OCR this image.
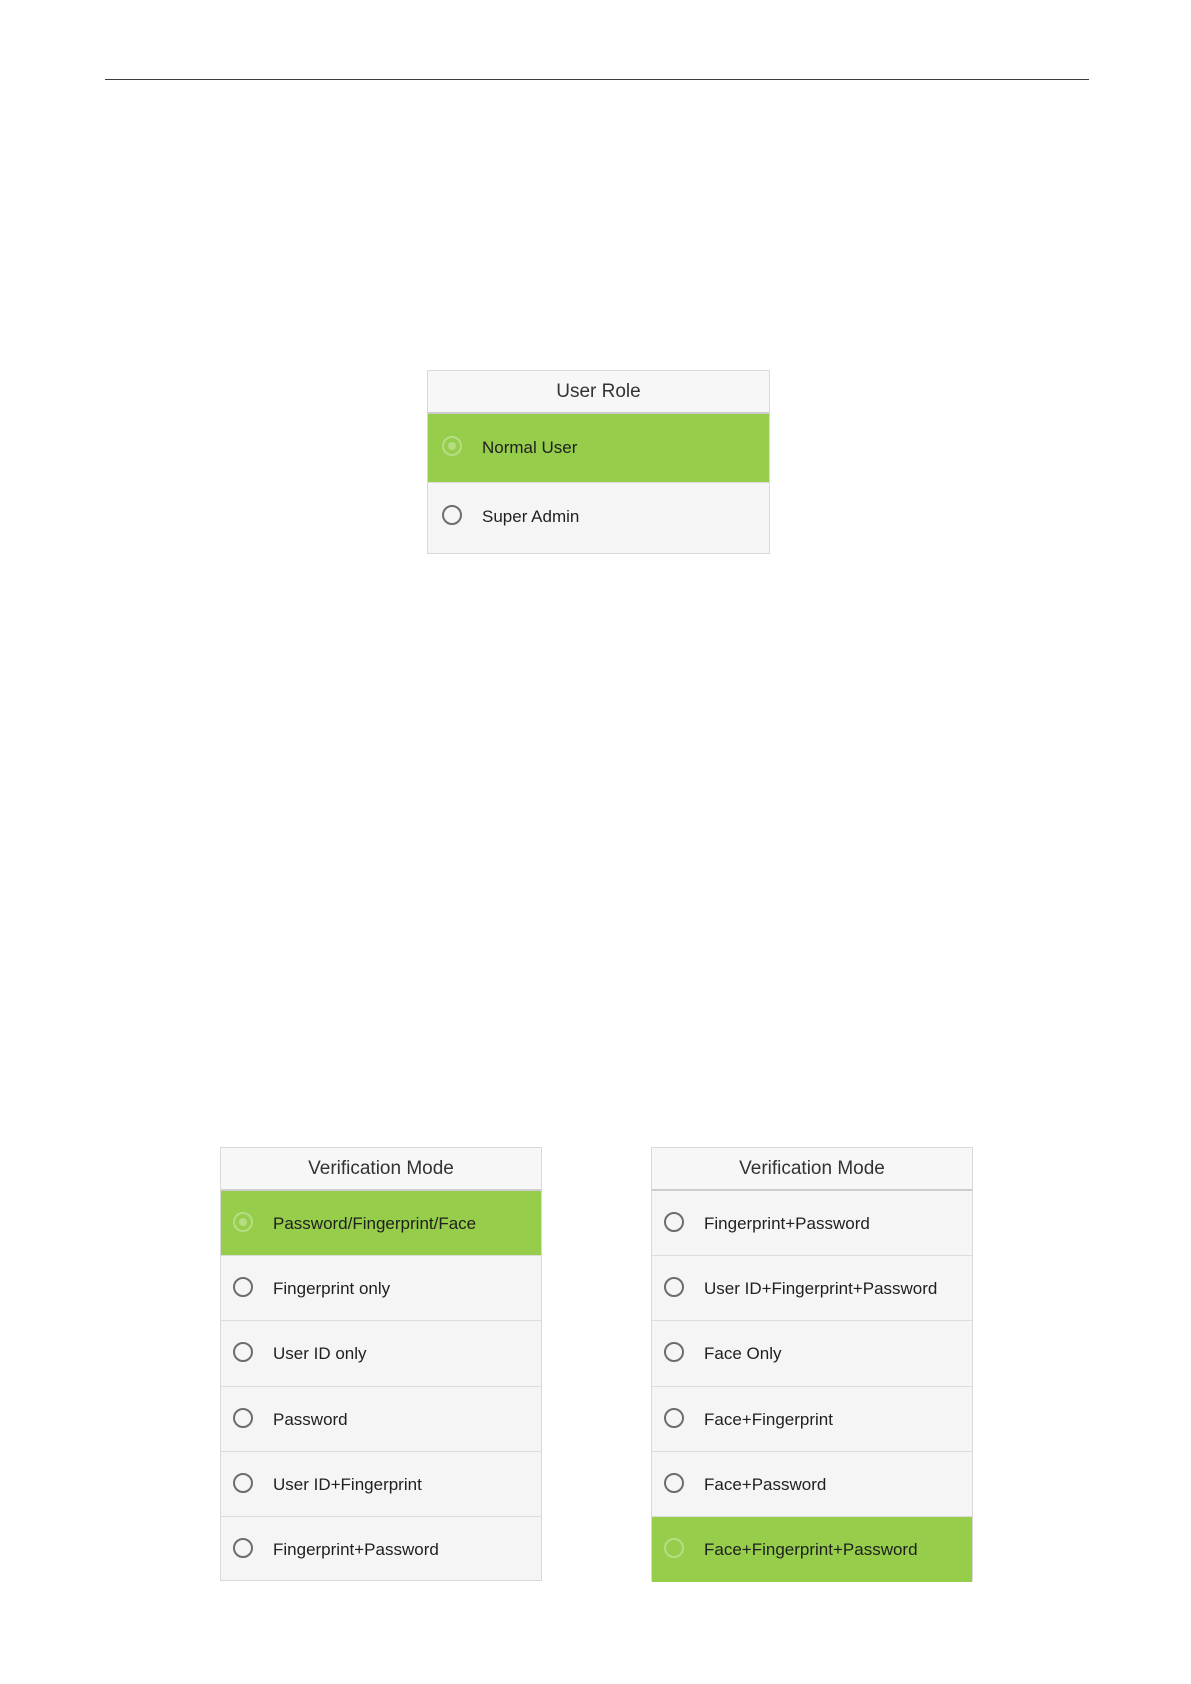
User Role
Normal User
Super Admin
Verification Mode
Password/Fingerprint/Face
Fingerprint only
User ID only
Password
User ID+Fingerprint
Fingerprint+Password
Verification Mode
Fingerprint+Password
User ID+Fingerprint+Password
Face Only
Face+Fingerprint
Face+Password
Face+Fingerprint+Password
